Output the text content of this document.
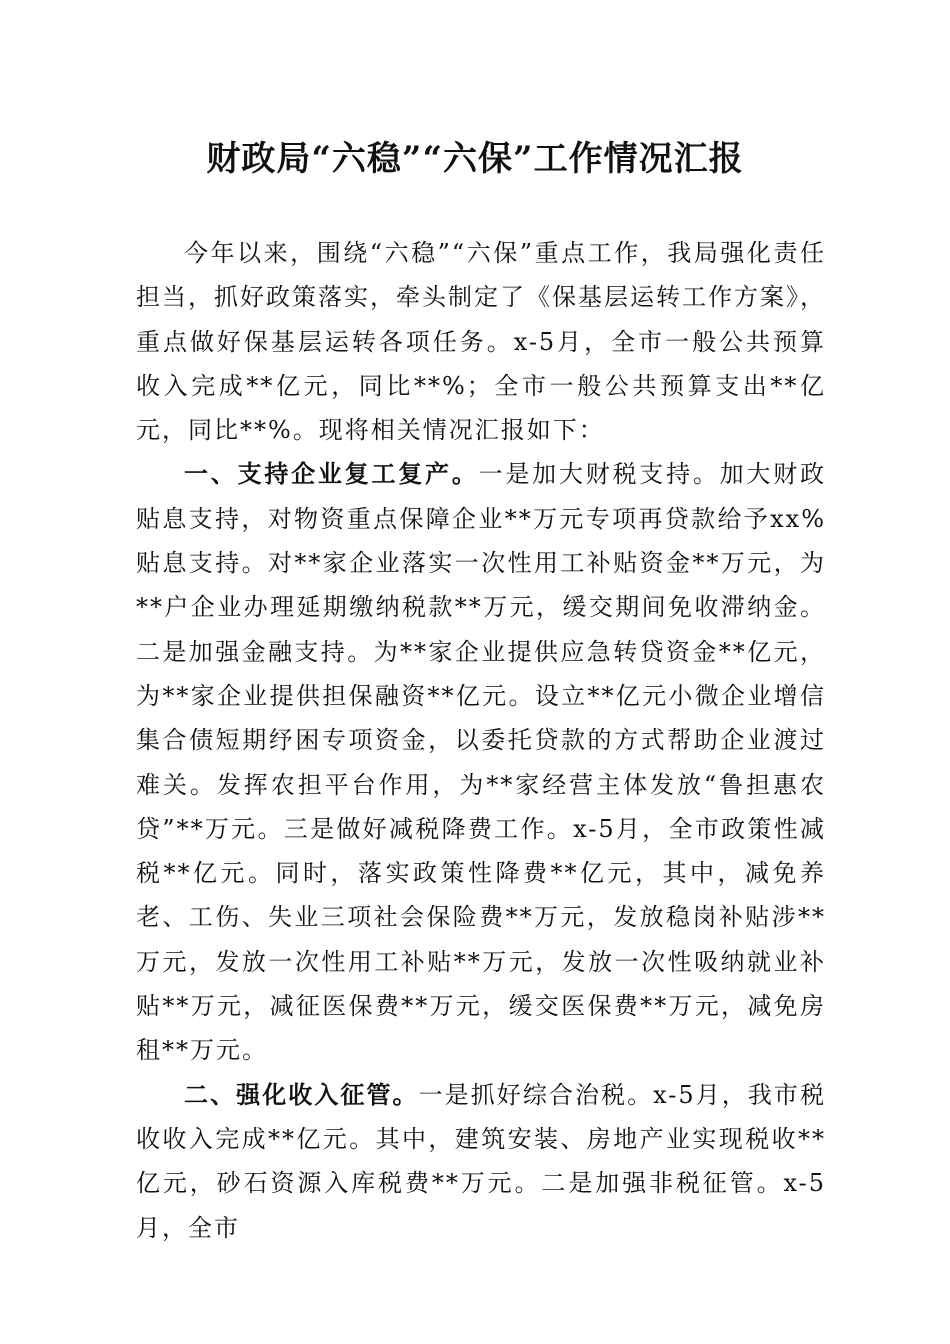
财政局“六稳”“六保”工作情况汇报

今年以来，围绕“六稳”“六保”重点工作，我局强化责任担当，抓好政策落实，牵头制定了《保基层运转工作方案》，重点做好保基层运转各项任务。x-5月，全市一般公共预算收入完成**亿元，同比**%；全市一般公共预算支出**亿元，同比**%。现将相关情况汇报如下：

一、支持企业复工复产。一是加大财税支持。加大财政贴息支持，对物资重点保障企业**万元专项再贷款给予xx%贴息支持。对**家企业落实一次性用工补贴资金**万元，为**户企业办理延期缴纳税款**万元，缓交期间免收滞纳金。二是加强金融支持。为**家企业提供应急转贷资金**亿元，为**家企业提供担保融资**亿元。设立**亿元小微企业增信集合债短期纾困专项资金，以委托贷款的方式帮助企业渡过难关。发挥农担平台作用，为**家经营主体发放“鲁担惠农贷”**万元。三是做好减税降费工作。x-5月，全市政策性减税**亿元。同时，落实政策性降费**亿元，其中，减免养老、工伤、失业三项社会保险费**万元，发放稳岗补贴涉**万元，发放一次性用工补贴**万元，发放一次性吸纳就业补贴**万元，减征医保费**万元，缓交医保费**万元，减免房租**万元。

二、强化收入征管。一是抓好综合治税。x-5月，我市税收收入完成**亿元。其中，建筑安装、房地产业实现税收**亿元，砂石资源入库税费**万元。二是加强非税征管。x-5月，全市
